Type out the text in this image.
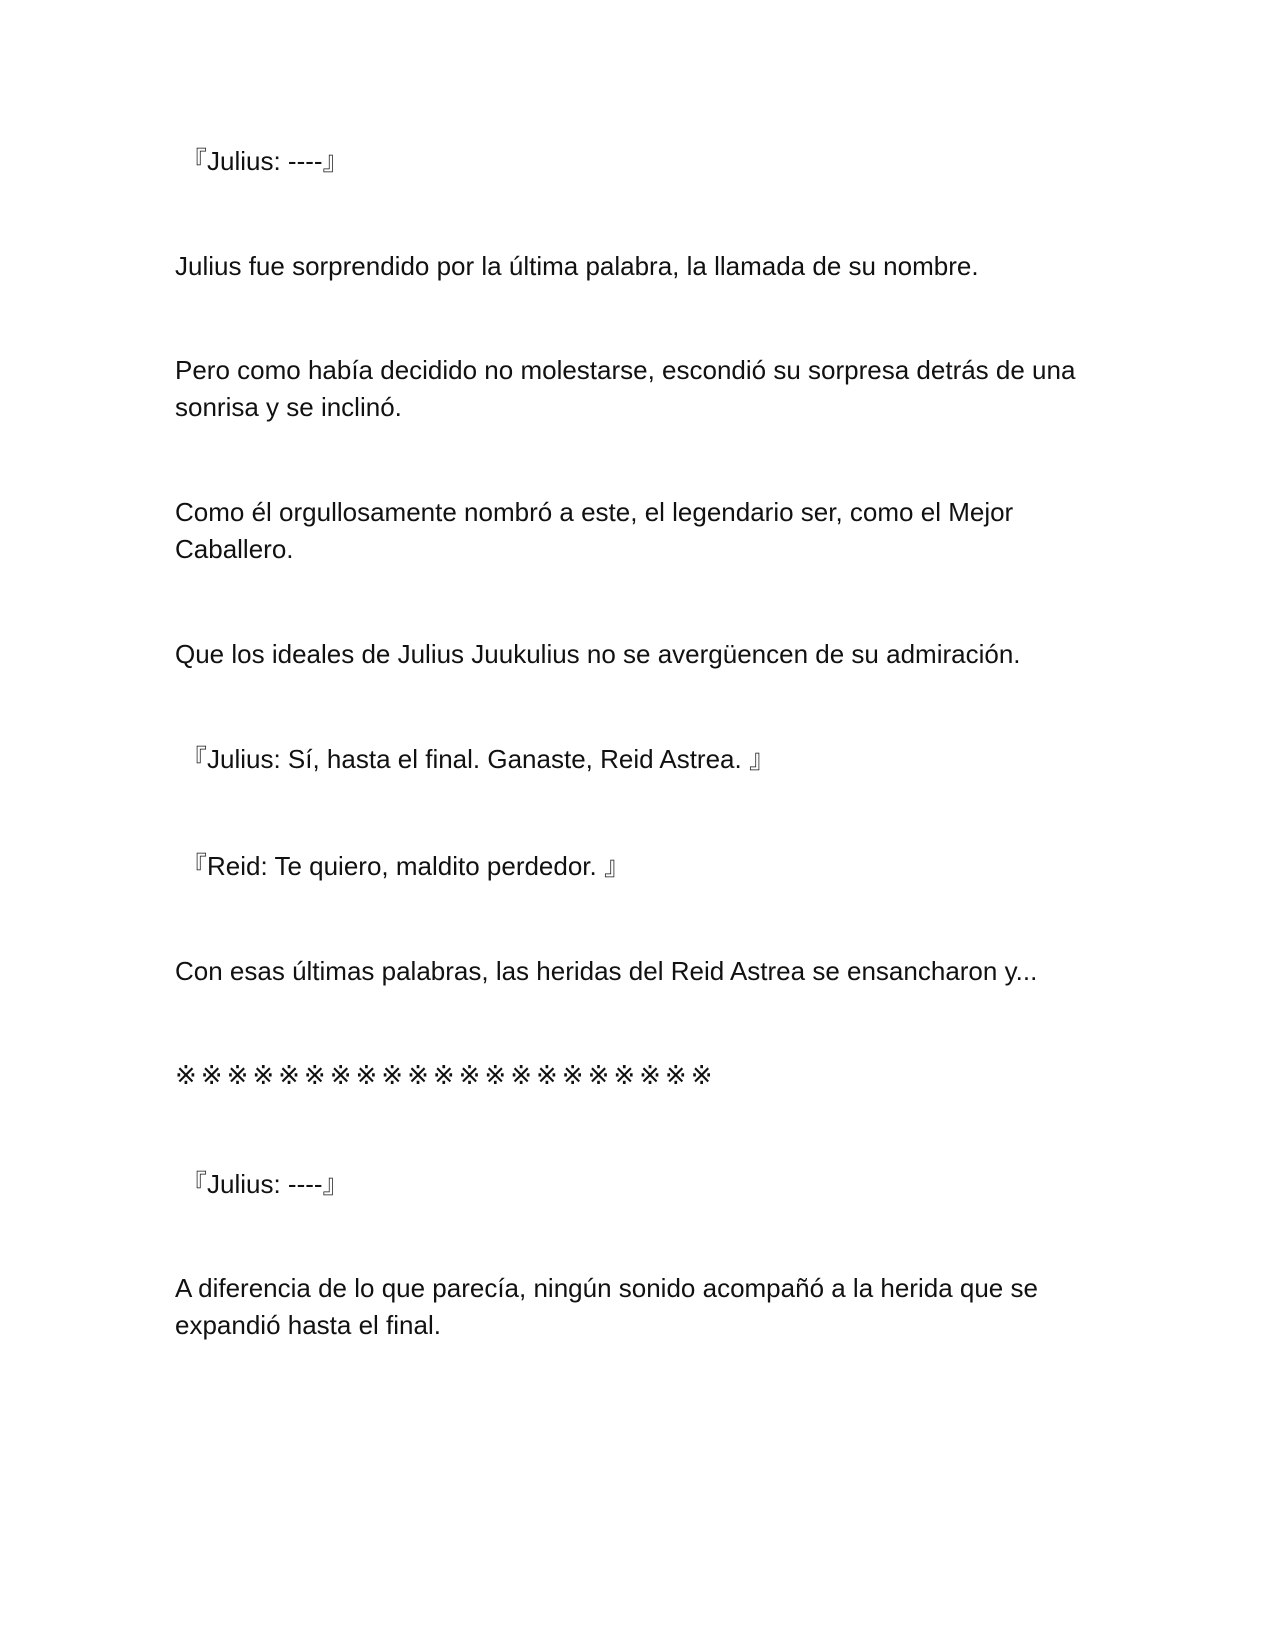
『Julius: ----』

Julius fue sorprendido por la última palabra, la llamada de su nombre.

Pero como había decidido no molestarse, escondió su sorpresa detrás de una sonrisa y se inclinó.

Como él orgullosamente nombró a este, el legendario ser, como el Mejor Caballero.

Que los ideales de Julius Juukulius no se avergüencen de su admiración.

『Julius: Sí, hasta el final. Ganaste, Reid Astrea. 』

『Reid: Te quiero, maldito perdedor. 』

Con esas últimas palabras, las heridas del Reid Astrea se ensancharon y...

※※※※※※※※※※※※※※※※※※※※※

『Julius: ----』

A diferencia de lo que parecía, ningún sonido acompañó a la herida que se expandió hasta el final.
